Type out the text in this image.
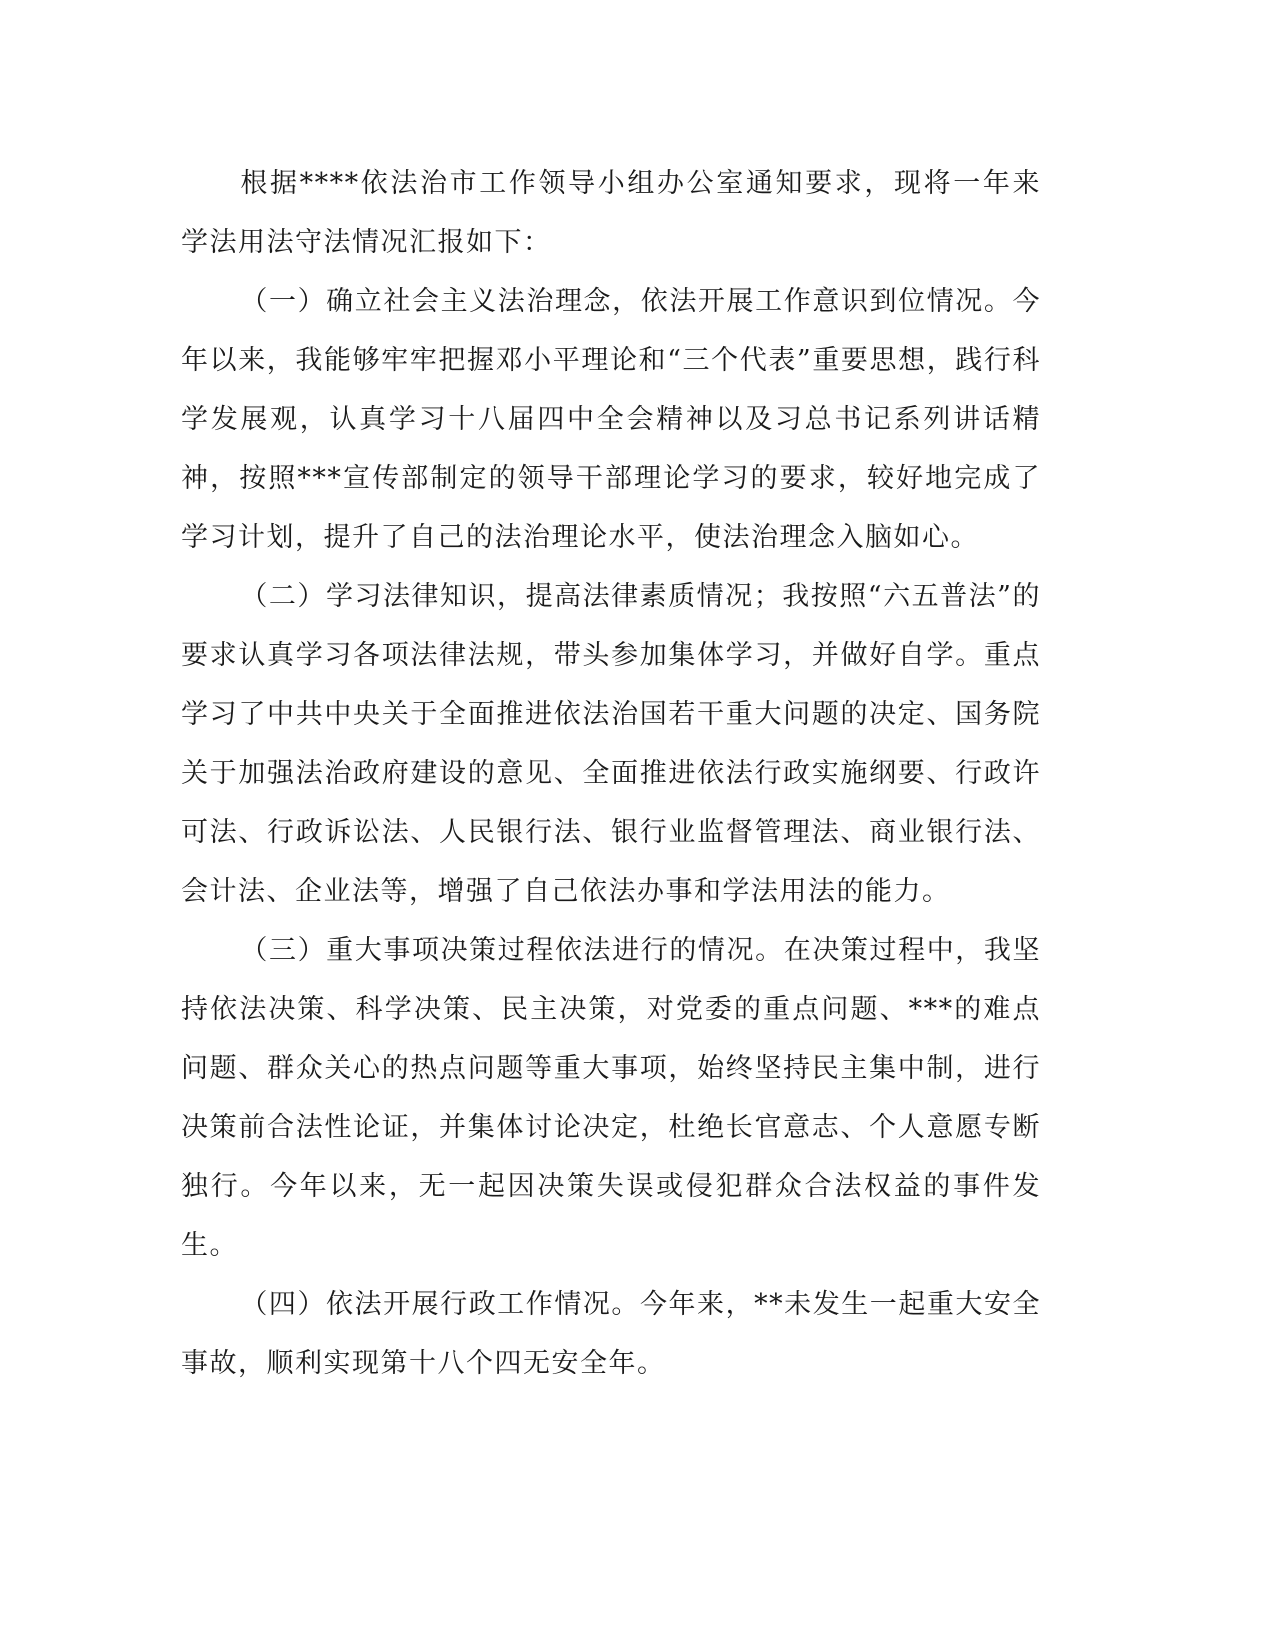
根据****依法治市工作领导小组办公室通知要求，现将一年来学法用法守法情况汇报如下：

（一）确立社会主义法治理念，依法开展工作意识到位情况。今年以来，我能够牢牢把握邓小平理论和“三个代表”重要思想，践行科学发展观，认真学习十八届四中全会精神以及习总书记系列讲话精神，按照***宣传部制定的领导干部理论学习的要求，较好地完成了学习计划，提升了自己的法治理论水平，使法治理念入脑如心。

（二）学习法律知识，提高法律素质情况；我按照“六五普法”的要求认真学习各项法律法规，带头参加集体学习，并做好自学。重点学习了中共中央关于全面推进依法治国若干重大问题的决定、国务院关于加强法治政府建设的意见、全面推进依法行政实施纲要、行政许可法、行政诉讼法、人民银行法、银行业监督管理法、商业银行法、会计法、企业法等，增强了自己依法办事和学法用法的能力。

（三）重大事项决策过程依法进行的情况。在决策过程中，我坚持依法决策、科学决策、民主决策，对党委的重点问题、***的难点问题、群众关心的热点问题等重大事项，始终坚持民主集中制，进行决策前合法性论证，并集体讨论决定，杜绝长官意志、个人意愿专断独行。今年以来，无一起因决策失误或侵犯群众合法权益的事件发生。

（四）依法开展行政工作情况。今年来，**未发生一起重大安全事故，顺利实现第十八个四无安全年。
